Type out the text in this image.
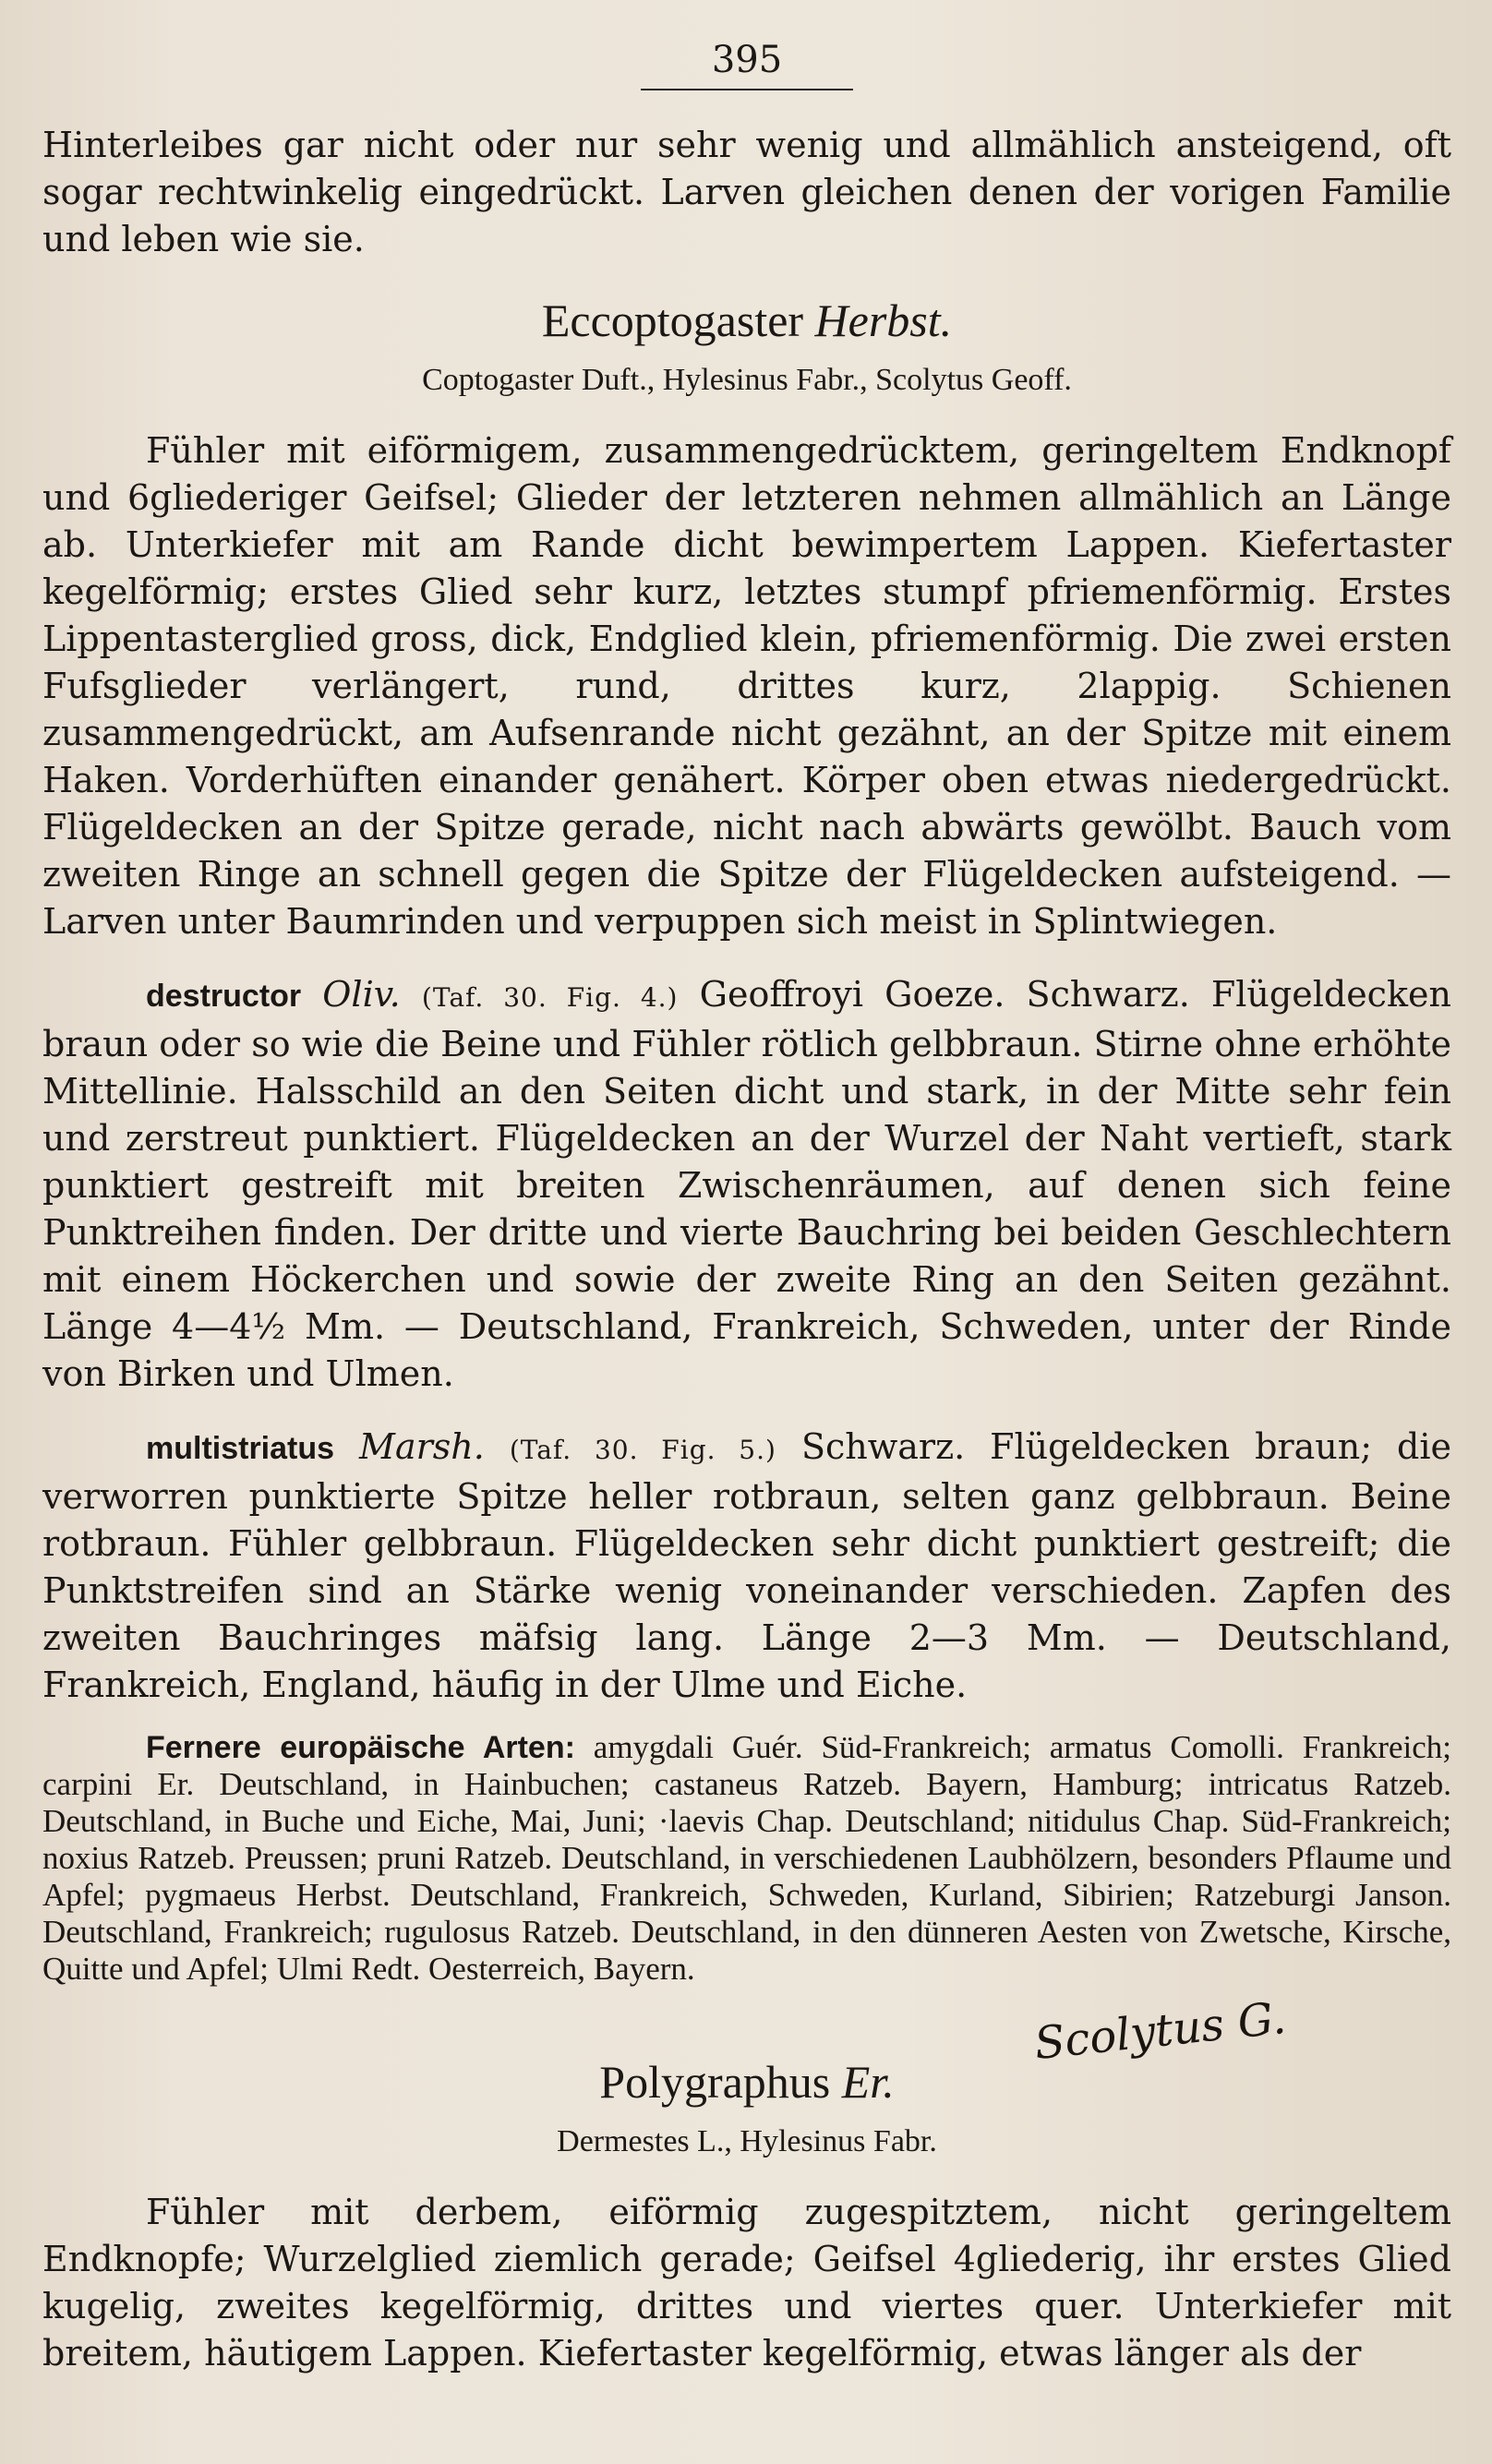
395

Hinterleibes gar nicht oder nur sehr wenig und allmählich ansteigend, oft sogar rechtwinkelig eingedrückt. Larven gleichen denen der vorigen Familie und leben wie sie.

Eccoptogaster Herbst.
Coptogaster Duft., Hylesinus Fabr., Scolytus Geoff.

Fühler mit eiförmigem, zusammengedrücktem, geringeltem Endknopf und 6gliederiger Geifsel; Glieder der letzteren nehmen allmählich an Länge ab. Unterkiefer mit am Rande dicht bewimpertem Lappen. Kiefertaster kegelförmig; erstes Glied sehr kurz, letztes stumpf pfriemenförmig. Erstes Lippentasterglied gross, dick, Endglied klein, pfriemenförmig. Die zwei ersten Fufsglieder verlängert, rund, drittes kurz, 2lappig. Schienen zusammengedrückt, am Aufsenrande nicht gezähnt, an der Spitze mit einem Haken. Vorderhüften einander genähert. Körper oben etwas niedergedrückt. Flügeldecken an der Spitze gerade, nicht nach abwärts gewölbt. Bauch vom zweiten Ringe an schnell gegen die Spitze der Flügeldecken aufsteigend. — Larven unter Baumrinden und verpuppen sich meist in Splintwiegen.

destructor Oliv. (Taf. 30. Fig. 4.) Geoffroyi Goeze. Schwarz. Flügeldecken braun oder so wie die Beine und Fühler rötlich gelbbraun. Stirne ohne erhöhte Mittellinie. Halsschild an den Seiten dicht und stark, in der Mitte sehr fein und zerstreut punktiert. Flügeldecken an der Wurzel der Naht vertieft, stark punktiert gestreift mit breiten Zwischenräumen, auf denen sich feine Punktreihen finden. Der dritte und vierte Bauchring bei beiden Geschlechtern mit einem Höckerchen und sowie der zweite Ring an den Seiten gezähnt. Länge 4—4½ Mm. — Deutschland, Frankreich, Schweden, unter der Rinde von Birken und Ulmen.

multistriatus Marsh. (Taf. 30. Fig. 5.) Schwarz. Flügeldecken braun; die verworren punktierte Spitze heller rotbraun, selten ganz gelbbraun. Beine rotbraun. Fühler gelbbraun. Flügeldecken sehr dicht punktiert gestreift; die Punktstreifen sind an Stärke wenig voneinander verschieden. Zapfen des zweiten Bauchringes mäfsig lang. Länge 2—3 Mm. — Deutschland, Frankreich, England, häufig in der Ulme und Eiche.

Fernere europäische Arten: amygdali Guér. Süd-Frankreich; armatus Comolli. Frankreich; carpini Er. Deutschland, in Hainbuchen; castaneus Ratzeb. Bayern, Hamburg; intricatus Ratzeb. Deutschland, in Buche und Eiche, Mai, Juni; ·laevis Chap. Deutschland; nitidulus Chap. Süd-Frankreich; noxius Ratzeb. Preussen; pruni Ratzeb. Deutschland, in verschiedenen Laubhölzern, besonders Pflaume und Apfel; pygmaeus Herbst. Deutschland, Frankreich, Schweden, Kurland, Sibirien; Ratzeburgi Janson. Deutschland, Frankreich; rugulosus Ratzeb. Deutschland, in den dünneren Aesten von Zwetsche, Kirsche, Quitte und Apfel; Ulmi Redt. Oesterreich, Bayern.

Polygraphus Er.
Dermestes L., Hylesinus Fabr.

Fühler mit derbem, eiförmig zugespitztem, nicht geringeltem Endknopfe; Wurzelglied ziemlich gerade; Geifsel 4gliederig, ihr erstes Glied kugelig, zweites kegelförmig, drittes und viertes quer. Unterkiefer mit breitem, häutigem Lappen. Kiefertaster kegelförmig, etwas länger als der

Scolytus G.
